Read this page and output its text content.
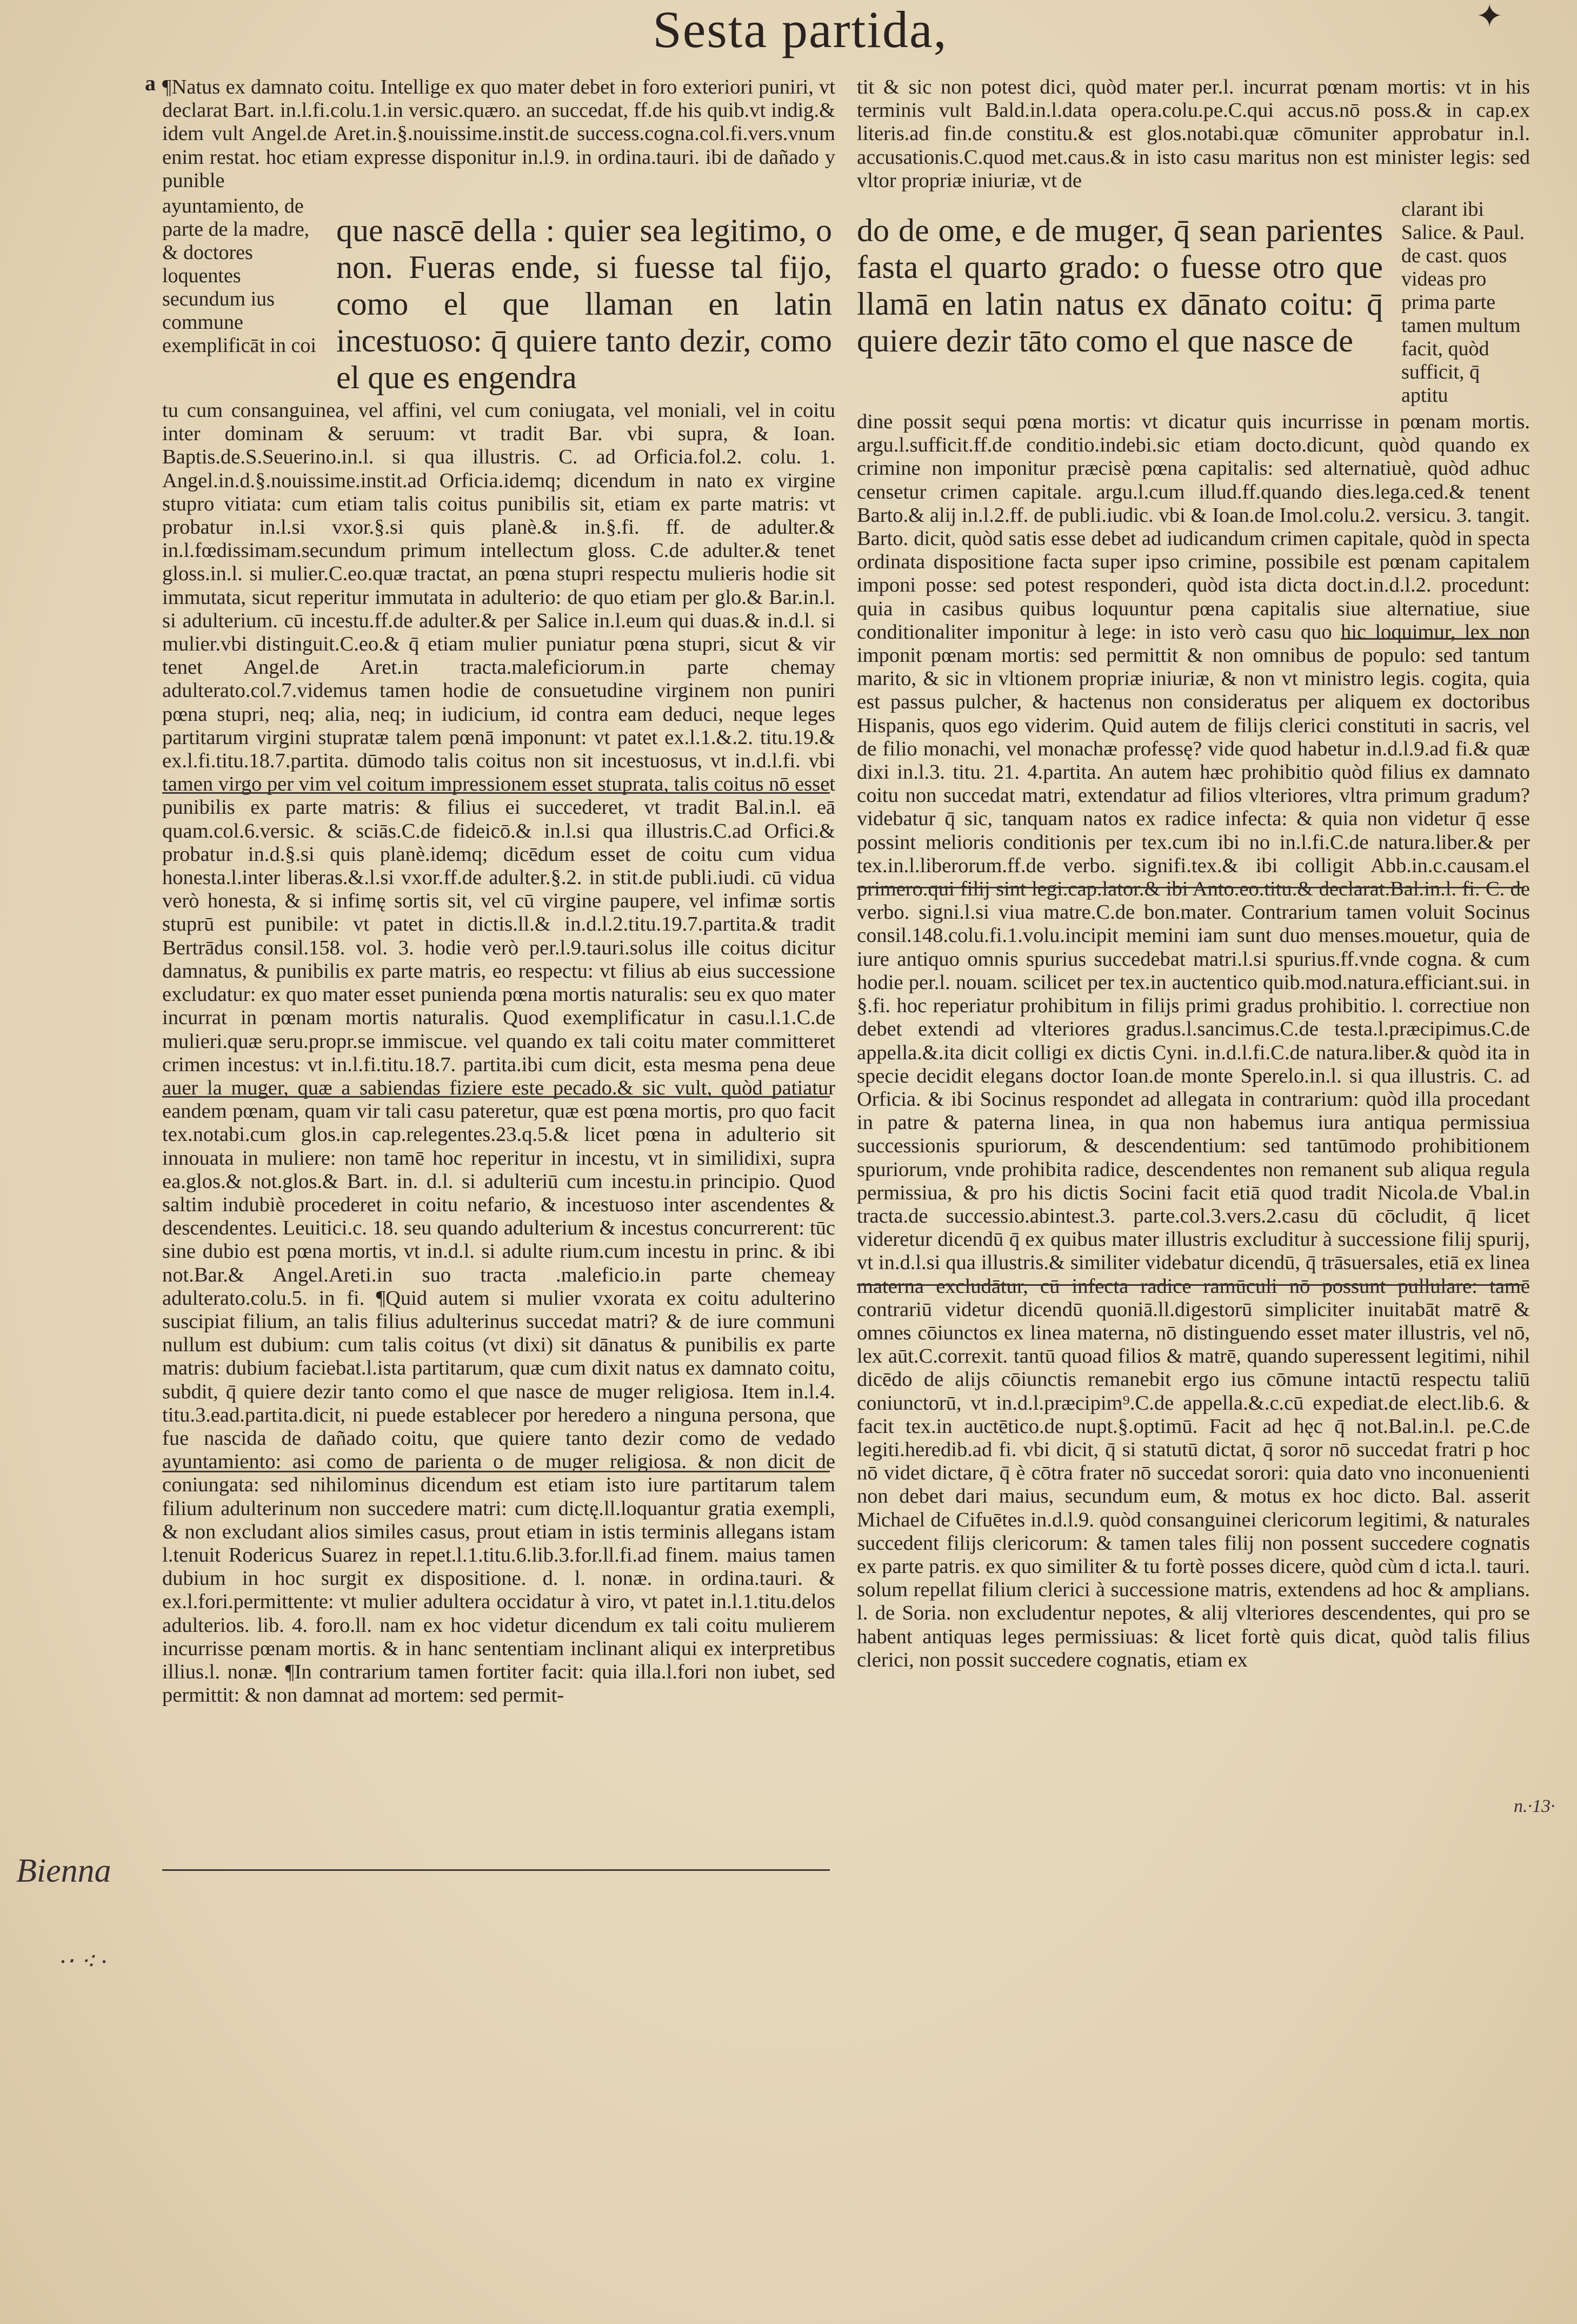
Sesta partida,	✦
a
Bienna
·‧ ⁖ ·
n.·13·

¶Natus ex damnato coitu. Intellige ex quo mater debet in foro exteriori puniri, vt declarat Bart. in.l.fi.colu.1.in versic.quæro. an succedat, ff.de his quib.vt indig.& idem vult Angel.de Aret.in.§.nouissime.instit.de success.cogna.col.fi.vers.vnum enim restat. hoc etiam expresse disponitur in.l.9. in ordina.tauri. ibi de dañado y punible

ayuntamiento, de parte de la madre, & doctores loquentes secundum ius commune exemplificāt in coi
que nascē della : quier sea legitimo, o non. Fueras ende, si fuesse tal fijo, como el que llaman en latin incestuoso: q̄ quiere tanto dezir, como el que es engendra

tu cum consanguinea, vel affini, vel cum coniugata, vel moniali, vel in coitu inter dominam & seruum: vt tradit Bar. vbi supra, & Ioan. Baptis.de.S.Seuerino.in.l. si qua illustris. C. ad Orficia.fol.2. colu. 1. Angel.in.d.§.nouissime.instit.ad Orficia.idemq; dicendum in nato ex virgine stupro vitiata: cum etiam talis coitus punibilis sit, etiam ex parte matris: vt probatur in.l.si vxor.§.si quis planè.& in.§.fi. ff. de adulter.& in.l.fœdissimam.secundum primum intellectum gloss. C.de adulter.& tenet gloss.in.l. si mulier.C.eo.quæ tractat, an pœna stupri respectu mulieris hodie sit immutata, sicut reperitur immutata in adulterio: de quo etiam per glo.& Bar.in.l. si adulterium. cū incestu.ff.de adulter.& per Salice in.l.eum qui duas.& in.d.l. si mulier.vbi distinguit.C.eo.& q̄ etiam mulier puniatur pœna stupri, sicut & vir tenet Angel.de Aret.in tracta.maleficiorum.in parte chemay adulterato.col.7.videmus tamen hodie de consuetudine virginem non puniri pœna stupri, neq; alia, neq; in iudicium, id contra eam deduci, neque leges partitarum virgini stupratæ talem pœnā imponunt: vt patet ex.l.1.&.2. titu.19.& ex.l.fi.titu.18.7.partita. dūmodo talis coitus non sit incestuosus, vt in.d.l.fi. vbi tamen virgo per vim vel coitum impressionem esset stuprata, talis coitus nō esset punibilis ex parte matris: & filius ei succederet, vt tradit Bal.in.l. eā quam.col.6.versic. & sciās.C.de fideicō.& in.l.si qua illustris.C.ad Orfici.& probatur in.d.§.si quis planè.idemq; dicēdum esset de coitu cum vidua honesta.l.inter liberas.&.l.si vxor.ff.de adulter.§.2. in stit.de publi.iudi. cū vidua verò honesta, & si infimę sortis sit, vel cū virgine paupere, vel infimæ sortis stuprū est punibile: vt patet in dictis.ll.& in.d.l.2.titu.19.7.partita.& tradit Bertrādus consil.158. vol. 3. hodie verò per.l.9.tauri.solus ille coitus dicitur damnatus, & punibilis ex parte matris, eo respectu: vt filius ab eius successione excludatur: ex quo mater esset punienda pœna mortis naturalis: seu ex quo mater incurrat in pœnam mortis naturalis. Quod exemplificatur in casu.l.1.C.de mulieri.quæ seru.propr.se immiscue. vel quando ex tali coitu mater committeret crimen incestus: vt in.l.fi.titu.18.7. partita.ibi cum dicit, esta mesma pena deue auer la muger, quæ a sabiendas fiziere este pecado.& sic vult, quòd patiatur eandem pœnam, quam vir tali casu pateretur, quæ est pœna mortis, pro quo facit tex.notabi.cum glos.in cap.relegentes.23.q.5.& licet pœna in adulterio sit innouata in muliere: non tamē hoc reperitur in incestu, vt in similidixi, supra ea.glos.& not.glos.& Bart. in. d.l. si adulteriū cum incestu.in principio. Quod saltim indubiè procederet in coitu nefario, & incestuoso inter ascendentes & descendentes. Leuitici.c. 18. seu quando adulterium & incestus concurrerent: tūc sine dubio est pœna mortis, vt in.d.l. si adulte rium.cum incestu in princ. & ibi not.Bar.& Angel.Areti.in suo tracta .maleficio.in parte chemeay adulterato.colu.5. in fi. ¶Quid autem si mulier vxorata ex coitu adulterino suscipiat filium, an talis filius adulterinus succedat matri? & de iure communi nullum est dubium: cum talis coitus (vt dixi) sit dānatus & punibilis ex parte matris: dubium faciebat.l.ista partitarum, quæ cum dixit natus ex damnato coitu, subdit, q̄ quiere dezir tanto como el que nasce de muger religiosa. Item in.l.4. titu.3.ead.partita.dicit, ni puede establecer por heredero a ninguna persona, que fue nascida de dañado coitu, que quiere tanto dezir como de vedado ayuntamiento: asi como de parienta o de muger religiosa. & non dicit de coniungata: sed nihilominus dicendum est etiam isto iure partitarum talem filium adulterinum non succedere matri: cum dictę.ll.loquantur gratia exempli, & non excludant alios similes casus, prout etiam in istis terminis allegans istam l.tenuit Rodericus Suarez in repet.l.1.titu.6.lib.3.for.ll.fi.ad finem. maius tamen dubium in hoc surgit ex dispositione. d. l. nonæ. in ordina.tauri. & ex.l.fori.permittente: vt mulier adultera occidatur à viro, vt patet in.l.1.titu.delos adulterios. lib. 4. foro.ll. nam ex hoc videtur dicendum ex tali coitu mulierem incurrisse pœnam mortis. & in hanc sententiam inclinant aliqui ex interpretibus illius.l. nonæ. ¶In contrarium tamen fortiter facit: quia illa.l.fori non iubet, sed permittit: & non damnat ad mortem: sed permit-

tit & sic non potest dici, quòd mater per.l. incurrat pœnam mortis: vt in his terminis vult Bald.in.l.data opera.colu.pe.C.qui accus.nō poss.& in cap.ex literis.ad fin.de constitu.& est glos.notabi.quæ cōmuniter approbatur in.l. accusationis.C.quod met.caus.& in isto casu maritus non est minister legis: sed vltor propriæ iniuriæ, vt de

do de ome, e de muger, q̄ sean parientes fasta el quarto grado: o fuesse otro que llamā en latin natus ex dānato coitu: q̄ quiere dezir tāto como el que nasce de
clarant ibi Salice. & Paul. de cast. quos videas pro prima parte tamen multum facit, quòd sufficit, q̄ aptitu

dine possit sequi pœna mortis: vt dicatur quis incurrisse in pœnam mortis. argu.l.sufficit.ff.de conditio.indebi.sic etiam docto.dicunt, quòd quando ex crimine non imponitur præcisè pœna capitalis: sed alternatiuè, quòd adhuc censetur crimen capitale. argu.l.cum illud.ff.quando dies.lega.ced.& tenent Barto.& alij in.l.2.ff. de publi.iudic. vbi & Ioan.de Imol.colu.2. versicu. 3. tangit. Barto. dicit, quòd satis esse debet ad iudicandum crimen capitale, quòd in specta ordinata dispositione facta super ipso crimine, possibile est pœnam capitalem imponi posse: sed potest responderi, quòd ista dicta doct.in.d.l.2. procedunt: quia in casibus quibus loquuntur pœna capitalis siue alternatiue, siue conditionaliter imponitur à lege: in isto verò casu quo hic loquimur, lex non imponit pœnam mortis: sed permittit & non omnibus de populo: sed tantum marito, & sic in vltionem propriæ iniuriæ, & non vt ministro legis. cogita, quia est passus pulcher, & hactenus non consideratus per aliquem ex doctoribus Hispanis, quos ego viderim. Quid autem de filijs clerici constituti in sacris, vel de filio monachi, vel monachæ professę? vide quod habetur in.d.l.9.ad fi.& quæ dixi in.l.3. titu. 21. 4.partita. An autem hæc prohibitio quòd filius ex damnato coitu non succedat matri, extendatur ad filios vlteriores, vltra primum gradum? videbatur q̄ sic, tanquam natos ex radice infecta: & quia non videtur q̄ esse possint melioris conditionis per tex.cum ibi no in.l.fi.C.de natura.liber.& per tex.in.l.liberorum.ff.de verbo. signifi.tex.& ibi colligit Abb.in.c.causam.el primero.qui filij sint legi.cap.lator.& ibi Anto.eo.titu.& declarat.Bal.in.l. fi. C. de verbo. signi.l.si viua matre.C.de bon.mater. Contrarium tamen voluit Socinus consil.148.colu.fi.1.volu.incipit memini iam sunt duo menses.mouetur, quia de iure antiquo omnis spurius succedebat matri.l.si spurius.ff.vnde cogna. & cum hodie per.l. nouam. scilicet per tex.in auctentico quib.mod.natura.efficiant.sui. in §.fi. hoc reperiatur prohibitum in filijs primi gradus prohibitio. l. correctiue non debet extendi ad vlteriores gradus.l.sancimus.C.de testa.l.præcipimus.C.de appella.&.ita dicit colligi ex dictis Cyni. in.d.l.fi.C.de natura.liber.& quòd ita in specie decidit elegans doctor Ioan.de monte Sperelo.in.l. si qua illustris. C. ad Orficia. & ibi Socinus respondet ad allegata in contrarium: quòd illa procedant in patre & paterna linea, in qua non habemus iura antiqua permissiua successionis spuriorum, & descendentium: sed tantūmodo prohibitionem spuriorum, vnde prohibita radice, descendentes non remanent sub aliqua regula permissiua, & pro his dictis Socini facit etiā quod tradit Nicola.de Vbal.in tracta.de successio.abintest.3. parte.col.3.vers.2.casu dū cōcludit, q̄ licet videretur dicendū q̄ ex quibus mater illustris excluditur à successione filij spurij, vt in.d.l.si qua illustris.& similiter videbatur dicendū, q̄ trāsuersales, etiā ex linea materna excludātur, cū infecta radice ramūculi nō possunt pullulare: tamē contrariū videtur dicendū quoniā.ll.digestorū simpliciter inuitabāt matrē & omnes cōiunctos ex linea materna, nō distinguendo esset mater illustris, vel nō, lex aūt.C.correxit. tantū quoad filios & matrē, quando superessent legitimi, nihil dicēdo de alijs cōiunctis remanebit ergo ius cōmune intactū respectu taliū coniunctorū, vt in.d.l.præcipim⁹.C.de appella.&.c.cū expediat.de elect.lib.6. & facit tex.in auctētico.de nupt.§.optimū. Facit ad hęc q̄ not.Bal.in.l. pe.C.de legiti.heredib.ad fi. vbi dicit, q̄ si statutū dictat, q̄ soror nō succedat fratri p hoc nō videt dictare, q̄ è cōtra frater nō succedat sorori: quia dato vno inconuenienti non debet dari maius, secundum eum, & motus ex hoc dicto. Bal. asserit Michael de Cifuētes in.d.l.9. quòd consanguinei clericorum legitimi, & naturales succedent filijs clericorum: & tamen tales filij non possent succedere cognatis ex parte patris. ex quo similiter & tu fortè posses dicere, quòd cùm d icta.l. tauri. solum repellat filium clerici à successione matris, extendens ad hoc & amplians. l. de Soria. non excludentur nepotes, & alij vlteriores descendentes, qui pro se habent antiquas leges permissiuas: & licet fortè quis dicat, quòd talis filius clerici, non possit succedere cognatis, etiam ex
